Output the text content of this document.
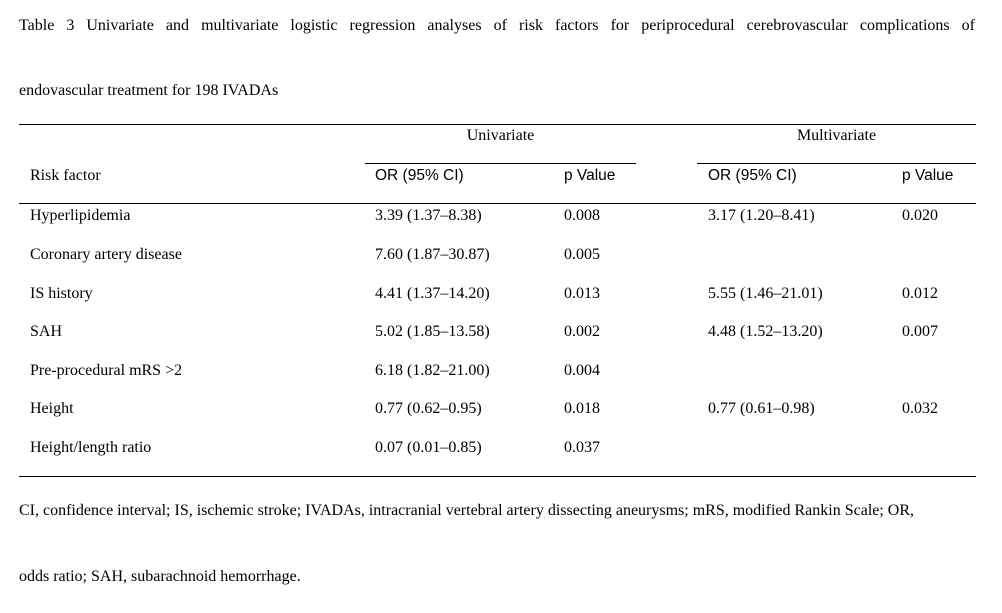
Table 3 Univariate and multivariate logistic regression analyses of risk factors for periprocedural cerebrovascular complications of
endovascular treatment for 198 IVADAs
Univariate	Multivariate
Risk factor	OR (95% CI)	p Value	OR (95% CI)	p Value
Hyperlipidemia	3.39 (1.37–8.38)	0.008	3.17 (1.20–8.41)	0.020
Coronary artery disease	7.60 (1.87–30.87)	0.005
IS history	4.41 (1.37–14.20)	0.013	5.55 (1.46–21.01)	0.012
SAH	5.02 (1.85–13.58)	0.002	4.48 (1.52–13.20)	0.007
Pre-procedural mRS >2	6.18 (1.82–21.00)	0.004
Height	0.77 (0.62–0.95)	0.018	0.77 (0.61–0.98)	0.032
Height/length ratio	0.07 (0.01–0.85)	0.037
CI, confidence interval; IS, ischemic stroke; IVADAs, intracranial vertebral artery dissecting aneurysms; mRS, modified Rankin Scale; OR,
odds ratio; SAH, subarachnoid hemorrhage.
